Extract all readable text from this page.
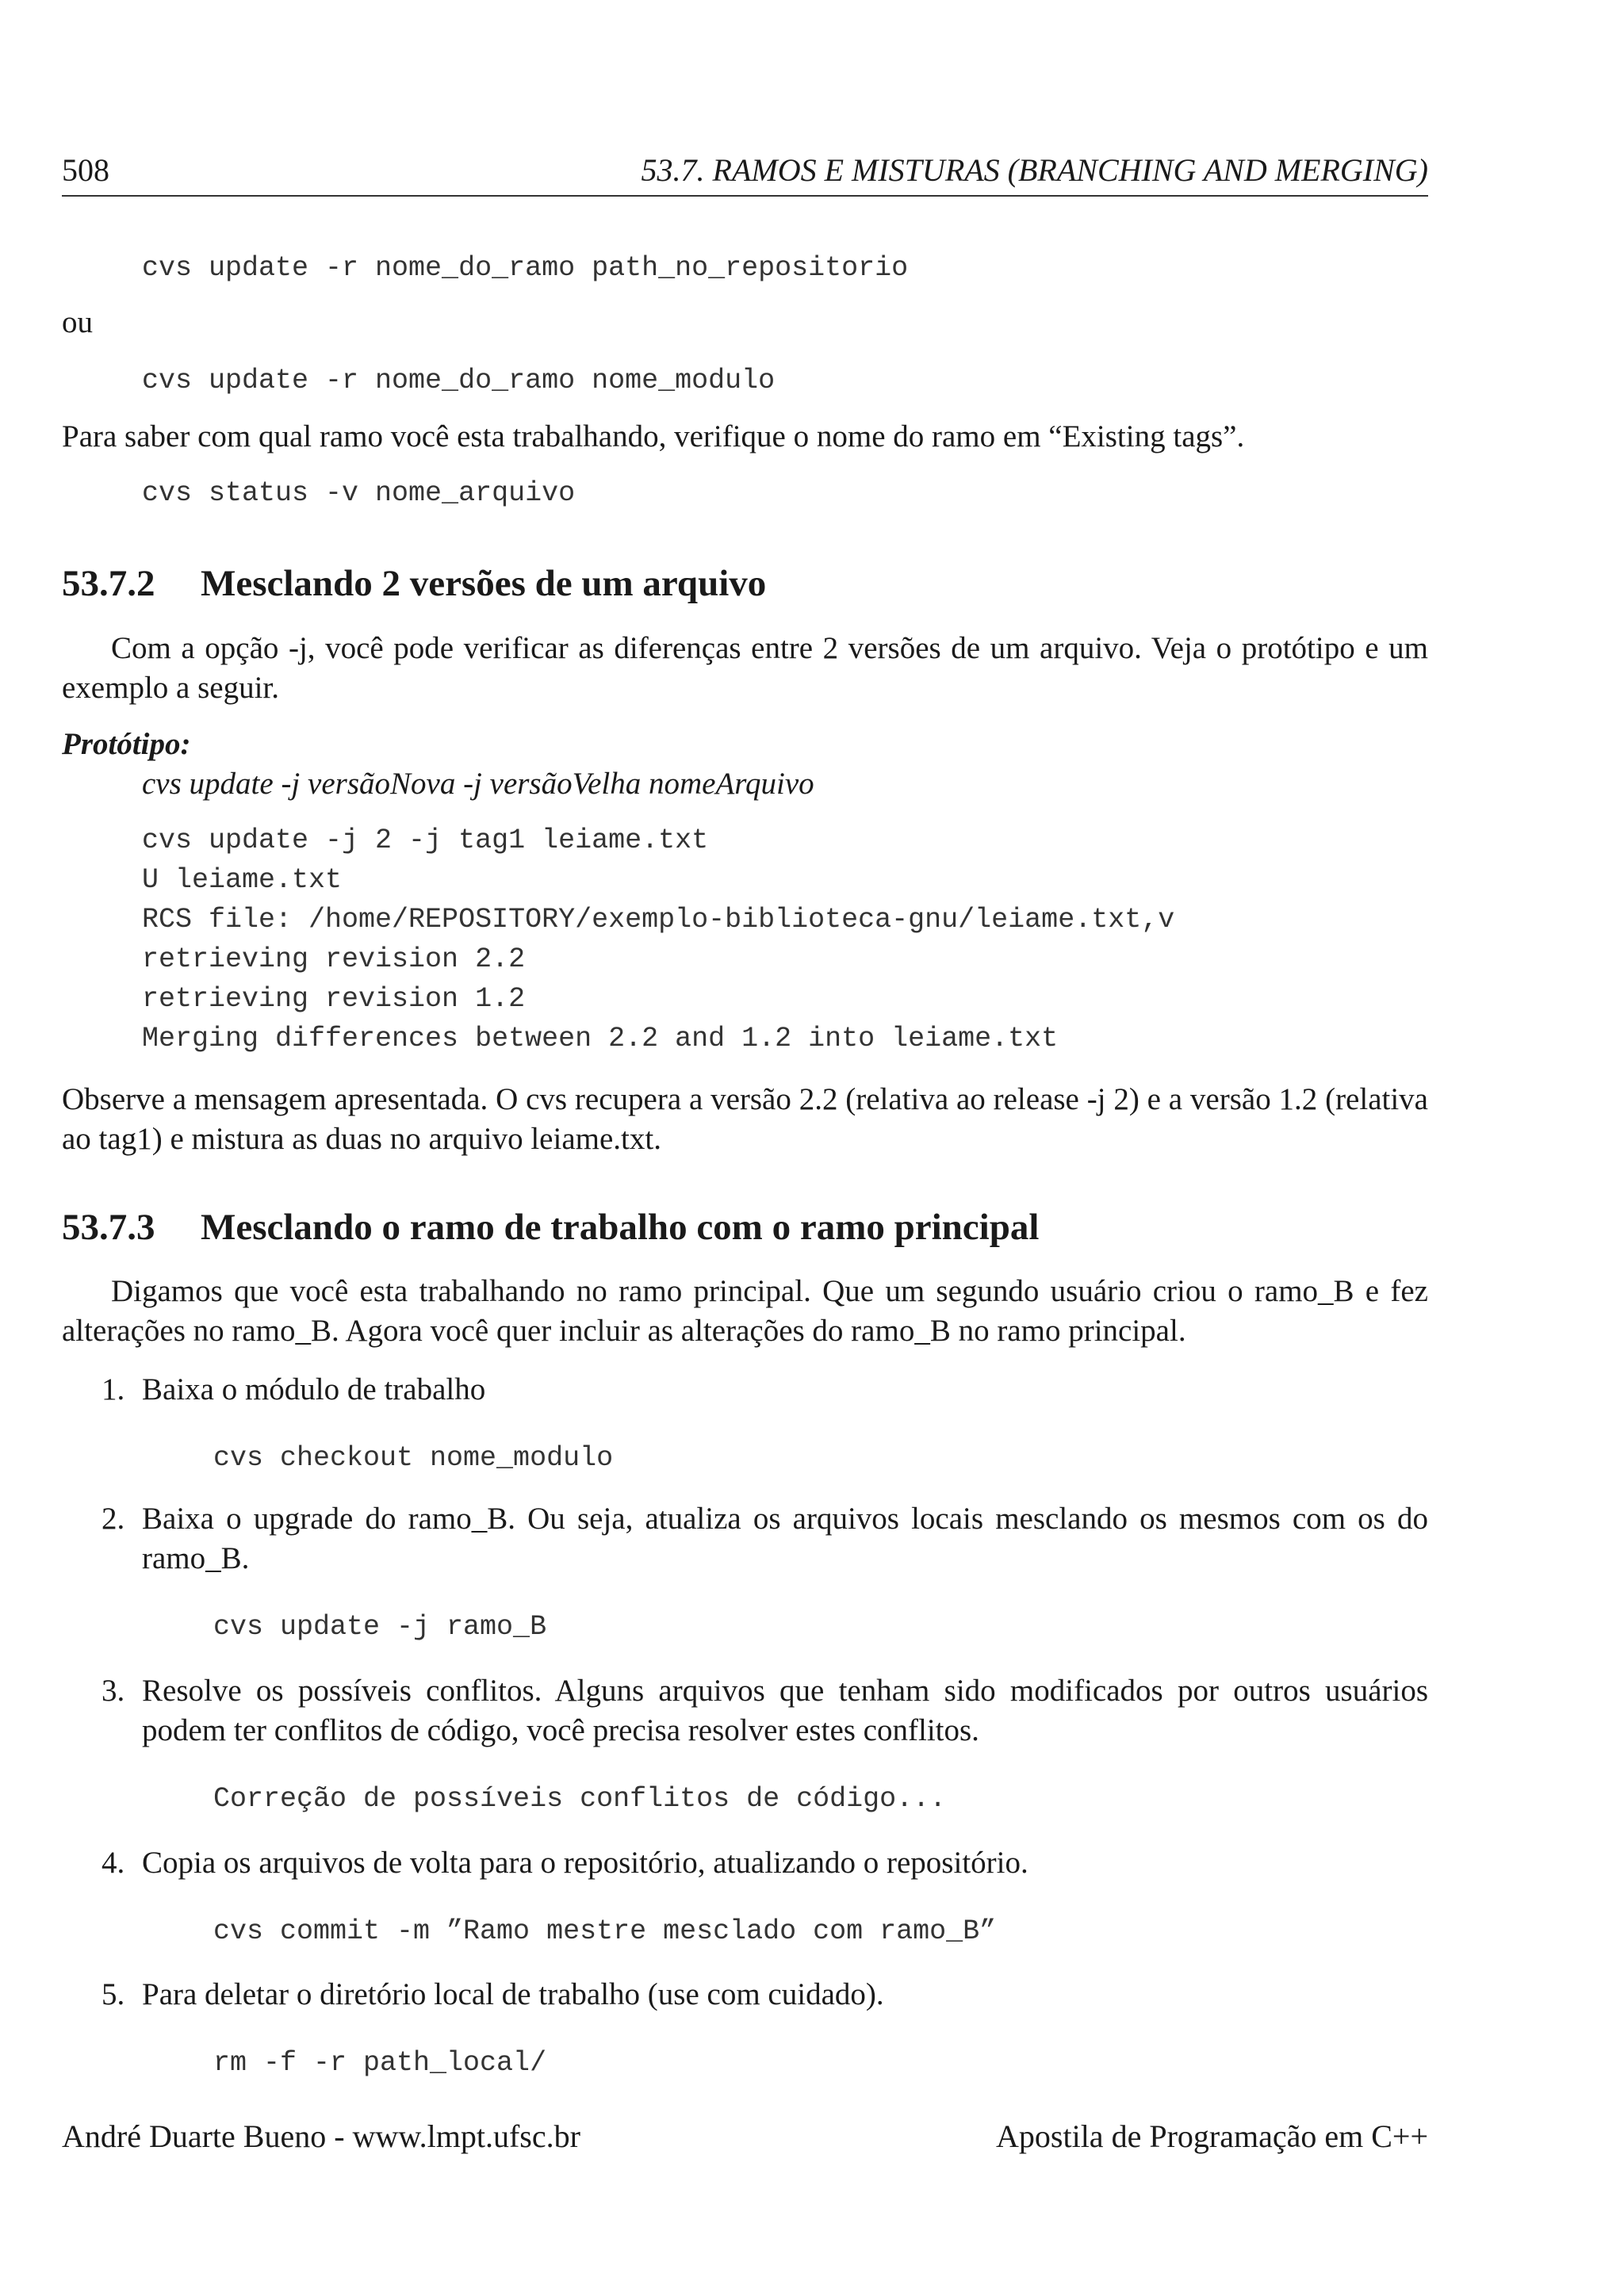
508	53.7. RAMOS E MISTURAS (BRANCHING AND MERGING)
cvs update -r nome_do_ramo path_no_repositorio
ou
cvs update -r nome_do_ramo nome_modulo
Para saber com qual ramo você esta trabalhando, verifique o nome do ramo em “Existing tags”.
cvs status -v nome_arquivo
53.7.2 Mesclando 2 versões de um arquivo
Com a opção -j, você pode verificar as diferenças entre 2 versões de um arquivo. Veja o protótipo e um exemplo a seguir.
Protótipo:
cvs update -j versãoNova -j versãoVelha nomeArquivo
cvs update -j 2 -j tag1 leiame.txt
U leiame.txt
RCS file: /home/REPOSITORY/exemplo-biblioteca-gnu/leiame.txt,v
retrieving revision 2.2
retrieving revision 1.2
Merging differences between 2.2 and 1.2 into leiame.txt
Observe a mensagem apresentada. O cvs recupera a versão 2.2 (relativa ao release -j 2) e a versão 1.2 (relativa ao tag1) e mistura as duas no arquivo leiame.txt.
53.7.3 Mesclando o ramo de trabalho com o ramo principal
Digamos que você esta trabalhando no ramo principal. Que um segundo usuário criou o ramo_B e fez alterações no ramo_B. Agora você quer incluir as alterações do ramo_B no ramo principal.
1. Baixa o módulo de trabalho
cvs checkout nome_modulo
2. Baixa o upgrade do ramo_B. Ou seja, atualiza os arquivos locais mesclando os mesmos com os do ramo_B.
cvs update -j ramo_B
3. Resolve os possíveis conflitos. Alguns arquivos que tenham sido modificados por outros usuários podem ter conflitos de código, você precisa resolver estes conflitos.
Correção de possíveis conflitos de código...
4. Copia os arquivos de volta para o repositório, atualizando o repositório.
cvs commit -m ”Ramo mestre mesclado com ramo_B”
5. Para deletar o diretório local de trabalho (use com cuidado).
rm -f -r path_local/
André Duarte Bueno - www.lmpt.ufsc.br	Apostila de Programação em C++
